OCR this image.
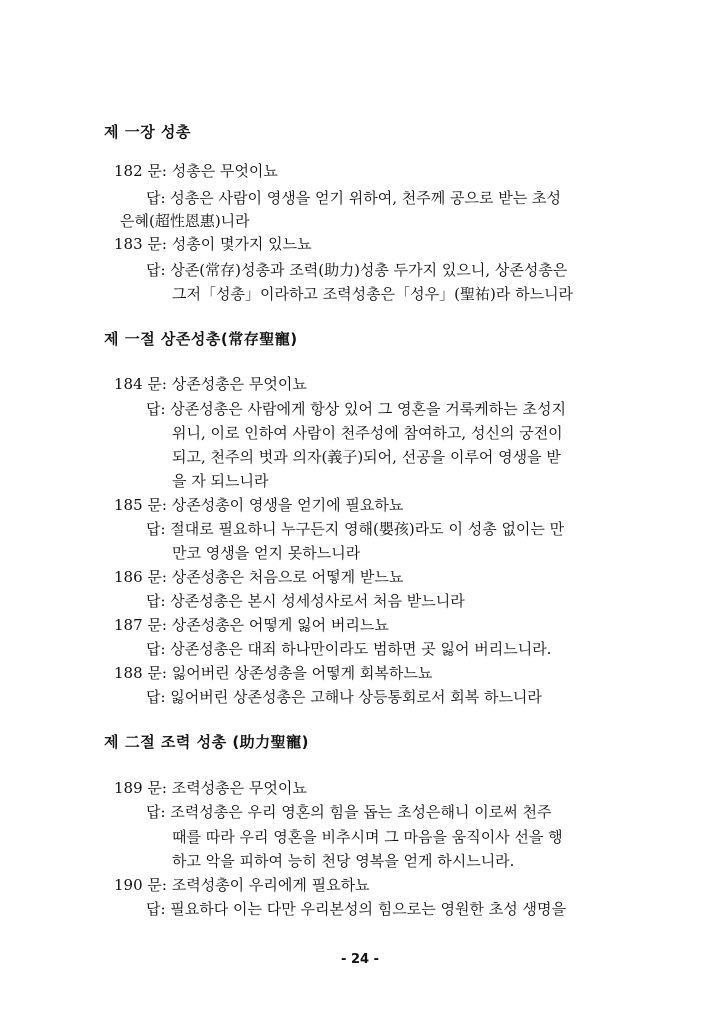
제 一장 성총
182 문: 성총은 무엇이뇨
답: 성총은 사람이 영생을 얻기 위하여, 천주께 공으로 받는 초성
은혜(超性恩惠)니라
183 문: 성총이 몇가지 있느뇨
답: 상존(常存)성총과 조력(助力)성총 두가지 있으니, 상존성총은
그저「성총」이라하고 조력성총은「성우」(聖祐)라 하느니라
제 一절 상존성총(常存聖寵)
184 문: 상존성총은 무엇이뇨
답: 상존성총은 사람에게 항상 있어 그 영혼을 거룩케하는 초성지
위니, 이로 인하여 사람이 천주성에 참여하고, 성신의 궁전이
되고, 천주의 벗과 의자(義子)되어, 선공을 이루어 영생을 받
을 자 되느니라
185 문: 상존성총이 영생을 얻기에 필요하뇨
답: 절대로 필요하니 누구든지 영해(嬰孩)라도 이 성총 없이는 만
만코 영생을 얻지 못하느니라
186 문: 상존성총은 처음으로 어떻게 받느뇨
답: 상존성총은 본시 성세성사로서 처음 받느니라
187 문: 상존성총은 어떻게 잃어 버리느뇨
답: 상존성총은 대죄 하나만이라도 범하면 곳 잃어 버리느니라.
188 문: 잃어버린 상존성총을 어떻게 회복하느뇨
답: 잃어버린 상존성총은 고해나 상등통회로서 회복 하느니라
제 二절 조력 성총 (助力聖寵)
189 문: 조력성총은 무엇이뇨
답: 조력성총은 우리 영혼의 힘을 돕는 초성은해니 이로써 천주
때를 따라 우리 영혼을 비추시며 그 마음을 움직이사 선을 행
하고 악을 피하여 능히 천당 영복을 얻게 하시느니라.
190 문: 조력성총이 우리에게 필요하뇨
답: 필요하다 이는 다만 우리본성의 힘으로는 영원한 초성 생명을
- 24 -
